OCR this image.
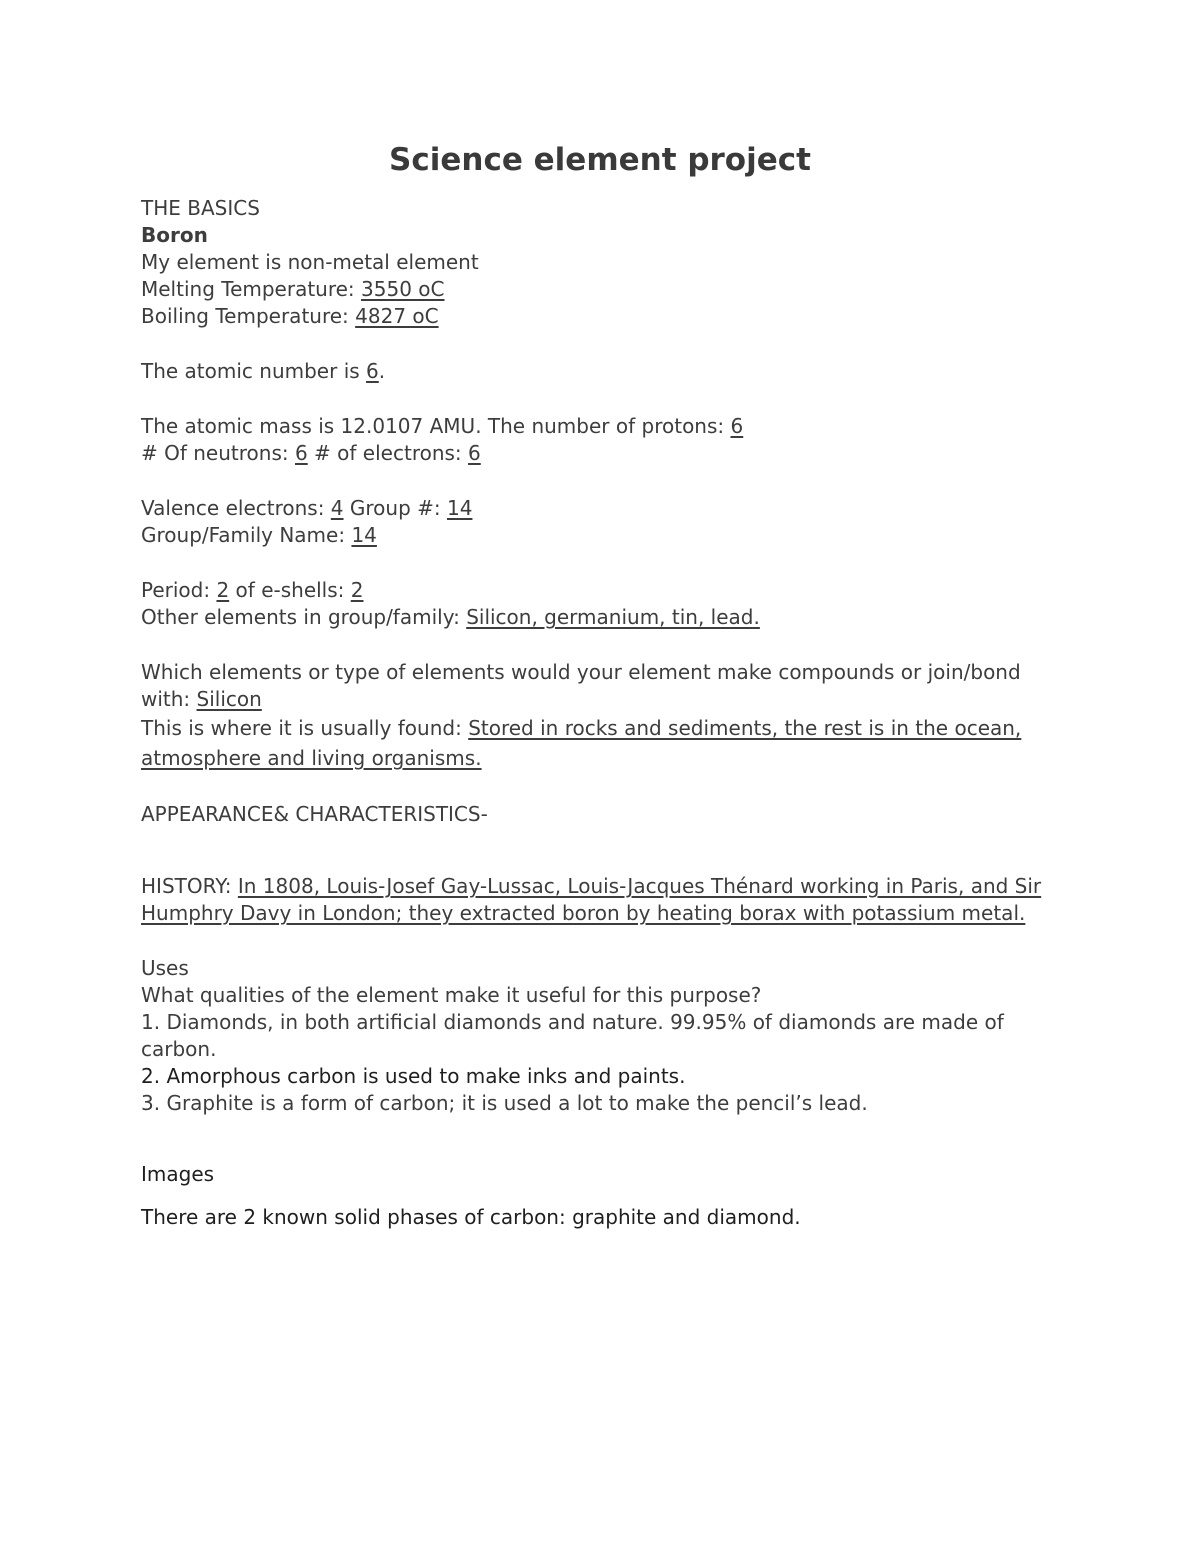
Science element project
THE BASICS
Boron
My element is non-metal element
Melting Temperature: 3550 oC
Boiling Temperature: 4827 oC
The atomic number is 6.
The atomic mass is 12.0107 AMU. The number of protons: 6
# Of neutrons: 6 # of electrons: 6
Valence electrons: 4 Group #: 14
Group/Family Name: 14
Period: 2 of e-shells: 2
Other elements in group/family: Silicon, germanium, tin, lead.
Which elements or type of elements would your element make compounds or join/bond with: Silicon
This is where it is usually found: Stored in rocks and sediments, the rest is in the ocean, atmosphere and living organisms.
APPEARANCE& CHARACTERISTICS-
HISTORY: In 1808, Louis-Josef Gay-Lussac, Louis-Jacques Thénard working in Paris, and Sir Humphry Davy in London; they extracted boron by heating borax with potassium metal.
Uses
What qualities of the element make it useful for this purpose?
1. Diamonds, in both artificial diamonds and nature. 99.95% of diamonds are made of carbon.
2. Amorphous carbon is used to make inks and paints.
3. Graphite is a form of carbon; it is used a lot to make the pencil’s lead.
Images
There are 2 known solid phases of carbon: graphite and diamond.
